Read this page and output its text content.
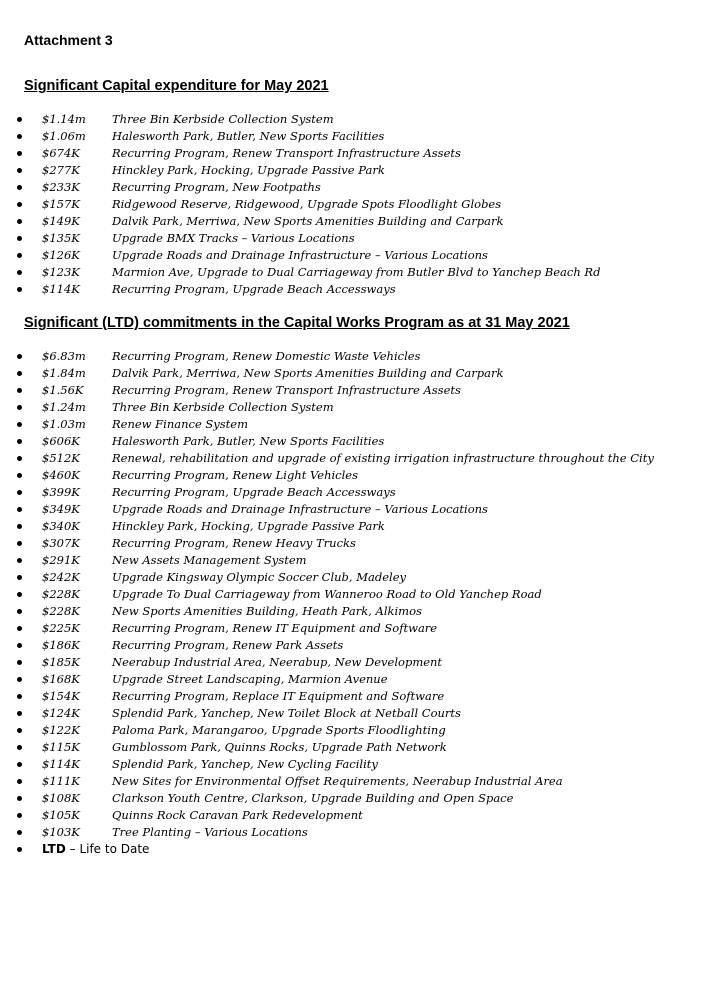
Attachment 3
Significant Capital expenditure for May 2021
$1.14m Three Bin Kerbside Collection System
$1.06m Halesworth Park, Butler, New Sports Facilities
$674K	Recurring Program, Renew Transport Infrastructure Assets
$277K	Hinckley Park, Hocking, Upgrade Passive Park
$233K	Recurring Program, New Footpaths
$157K	Ridgewood Reserve, Ridgewood, Upgrade Spots Floodlight Globes
$149K	Dalvik Park, Merriwa, New Sports Amenities Building and Carpark
$135K	Upgrade BMX Tracks – Various Locations
$126K	Upgrade Roads and Drainage Infrastructure – Various Locations
$123K	Marmion Ave, Upgrade to Dual Carriageway from Butler Blvd to Yanchep Beach Rd
$114K	Recurring Program, Upgrade Beach Accessways
Significant (LTD) commitments in the Capital Works Program as at 31 May 2021
$6.83m Recurring Program, Renew Domestic Waste Vehicles
$1.84m Dalvik Park, Merriwa, New Sports Amenities Building and Carpark
$1.56K Recurring Program, Renew Transport Infrastructure Assets
$1.24m Three Bin Kerbside Collection System
$1.03m Renew Finance System
$606K	Halesworth Park, Butler, New Sports Facilities
$512K	Renewal, rehabilitation and upgrade of existing irrigation infrastructure throughout the City
$460K	Recurring Program, Renew Light Vehicles
$399K	Recurring Program, Upgrade Beach Accessways
$349K	Upgrade Roads and Drainage Infrastructure – Various Locations
$340K	Hinckley Park, Hocking, Upgrade Passive Park
$307K	Recurring Program, Renew Heavy Trucks
$291K	New Assets Management System
$242K	Upgrade Kingsway Olympic Soccer Club, Madeley
$228K	Upgrade To Dual Carriageway from Wanneroo Road to Old Yanchep Road
$228K	New Sports Amenities Building, Heath Park, Alkimos
$225K	Recurring Program, Renew IT Equipment and Software
$186K	Recurring Program, Renew Park Assets
$185K	Neerabup Industrial Area, Neerabup, New Development
$168K	Upgrade Street Landscaping, Marmion Avenue
$154K	Recurring Program, Replace IT Equipment and Software
$124K	Splendid Park, Yanchep, New Toilet Block at Netball Courts
$122K	Paloma Park, Marangaroo, Upgrade Sports Floodlighting
$115K	Gumblossom Park, Quinns Rocks, Upgrade Path Network
$114K	Splendid Park, Yanchep, New Cycling Facility
$111K	New Sites for Environmental Offset Requirements, Neerabup Industrial Area
$108K	Clarkson Youth Centre, Clarkson, Upgrade Building and Open Space
$105K	Quinns Rock Caravan Park Redevelopment
$103K	Tree Planting – Various Locations
LTD – Life to Date
